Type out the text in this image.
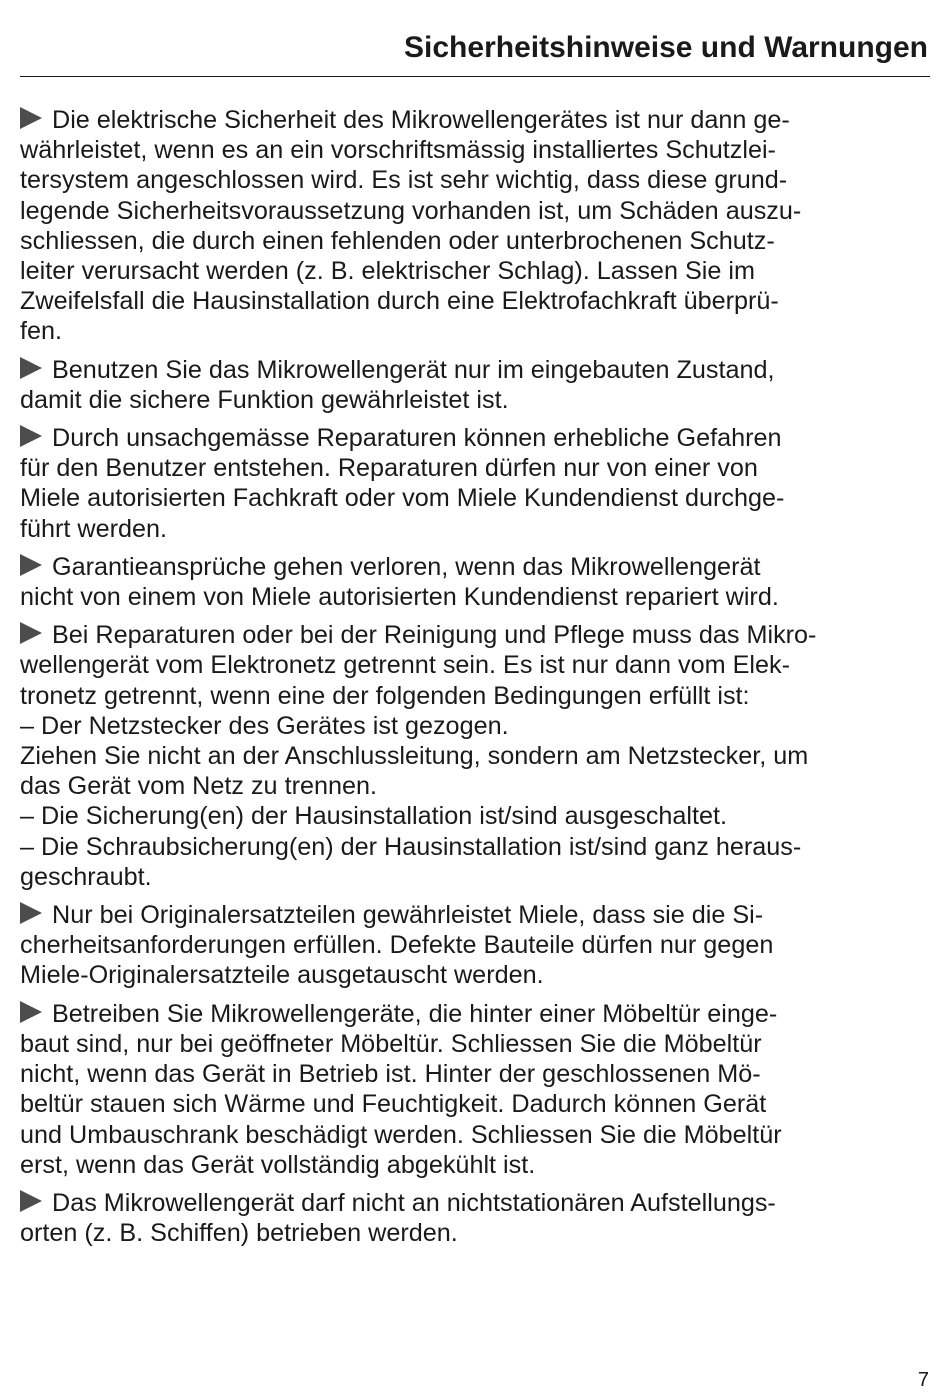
Sicherheitshinweise und Warnungen

Die elektrische Sicherheit des Mikrowellengerätes ist nur dann ge-
währleistet, wenn es an ein vorschriftsmässig installiertes Schutzlei-
tersystem angeschlossen wird. Es ist sehr wichtig, dass diese grund-
legende Sicherheitsvoraussetzung vorhanden ist, um Schäden auszu-
schliessen, die durch einen fehlenden oder unterbrochenen Schutz-
leiter verursacht werden (z. B. elektrischer Schlag). Lassen Sie im
Zweifelsfall die Hausinstallation durch eine Elektrofachkraft überprü-
fen.

Benutzen Sie das Mikrowellengerät nur im eingebauten Zustand,
damit die sichere Funktion gewährleistet ist.

Durch unsachgemässe Reparaturen können erhebliche Gefahren
für den Benutzer entstehen. Reparaturen dürfen nur von einer von
Miele autorisierten Fachkraft oder vom Miele Kundendienst durchge-
führt werden.

Garantieansprüche gehen verloren, wenn das Mikrowellengerät
nicht von einem von Miele autorisierten Kundendienst repariert wird.

Bei Reparaturen oder bei der Reinigung und Pflege muss das Mikro-
wellengerät vom Elektronetz getrennt sein. Es ist nur dann vom Elek-
tronetz getrennt, wenn eine der folgenden Bedingungen erfüllt ist:
– Der Netzstecker des Gerätes ist gezogen.
Ziehen Sie nicht an der Anschlussleitung, sondern am Netzstecker, um
das Gerät vom Netz zu trennen.
– Die Sicherung(en) der Hausinstallation ist/sind ausgeschaltet.
– Die Schraubsicherung(en) der Hausinstallation ist/sind ganz heraus-
geschraubt.

Nur bei Originalersatzteilen gewährleistet Miele, dass sie die Si-
cherheitsanforderungen erfüllen. Defekte Bauteile dürfen nur gegen
Miele-Originalersatzteile ausgetauscht werden.

Betreiben Sie Mikrowellengeräte, die hinter einer Möbeltür einge-
baut sind, nur bei geöffneter Möbeltür. Schliessen Sie die Möbeltür
nicht, wenn das Gerät in Betrieb ist. Hinter der geschlossenen Mö-
beltür stauen sich Wärme und Feuchtigkeit. Dadurch können Gerät
und Umbauschrank beschädigt werden. Schliessen Sie die Möbeltür
erst, wenn das Gerät vollständig abgekühlt ist.

Das Mikrowellengerät darf nicht an nichtstationären Aufstellungs-
orten (z. B. Schiffen) betrieben werden.

7
